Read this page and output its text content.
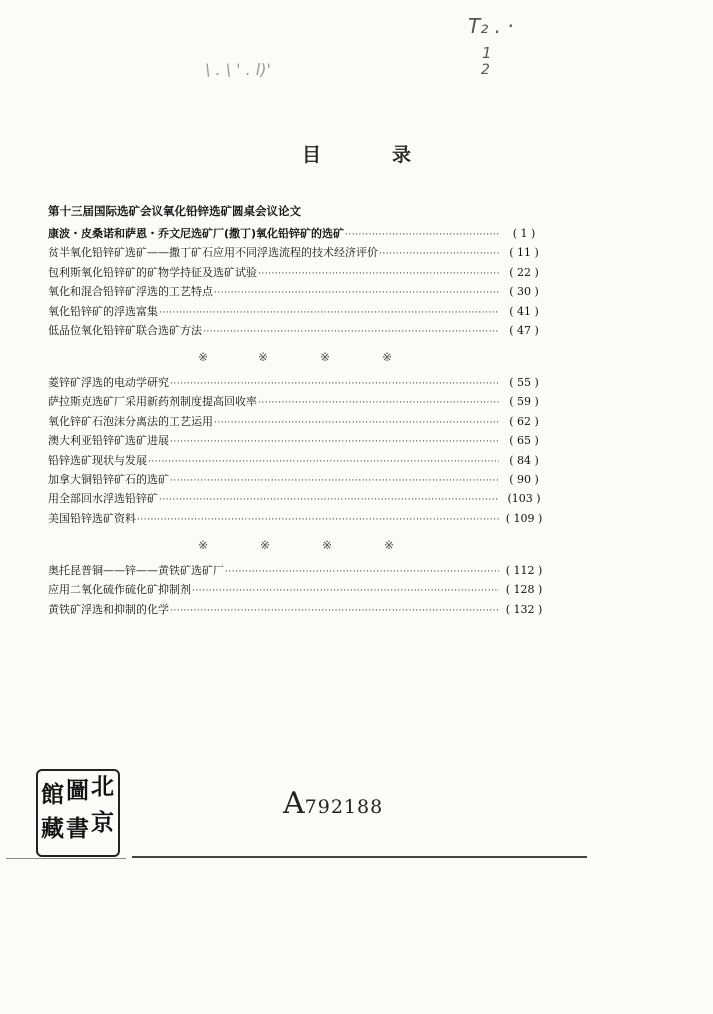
T₂ . ·
1
2
\ . \ ' . l)'
目　录
第十三届国际选矿会议氧化铅锌选矿圆桌会议论文
康波・皮桑诺和萨恩・乔文尼选矿厂(撒丁)氧化铅锌矿的选矿 ·····	( 1 )
贫半氧化铅锌矿选矿——撒丁矿石应用不同浮选流程的技术经济评价 ·····	( 11 )
包利斯氧化铅锌矿的矿物学持征及选矿试验 ·····	( 22 )
氧化和混合铅锌矿浮选的工艺特点 ·····	( 30 )
氧化铅锌矿的浮选富集 ·····	( 41 )
低品位氧化铅锌矿联合选矿方法 ·····	( 47 )
※	※	※	※
菱锌矿浮选的电动学研究 ·····	( 55 )
萨拉斯克选矿厂采用新药剂制度提高回收率 ·····	( 59 )
氧化锌矿石泡沫分离法的工艺运用 ·····	( 62 )
澳大利亚铅锌矿选矿进展 ·····	( 65 )
铅锌选矿现状与发展 ·····	( 84 )
加拿大铜铅锌矿石的选矿 ·····	( 90 )
用全部回水浮选铅锌矿 ·····	(103 )
美国铅锌选矿资料 ·····	( 109 )
※	※	※	※
奥托昆普铜——锌——黄铁矿选矿厂 ·····	( 112 )
应用二氧化硫作硫化矿抑制剂 ·····	( 128 )
黄铁矿浮选和抑制的化学 ·····	( 132 )
館 圖 北
藏 書 京
A792188
